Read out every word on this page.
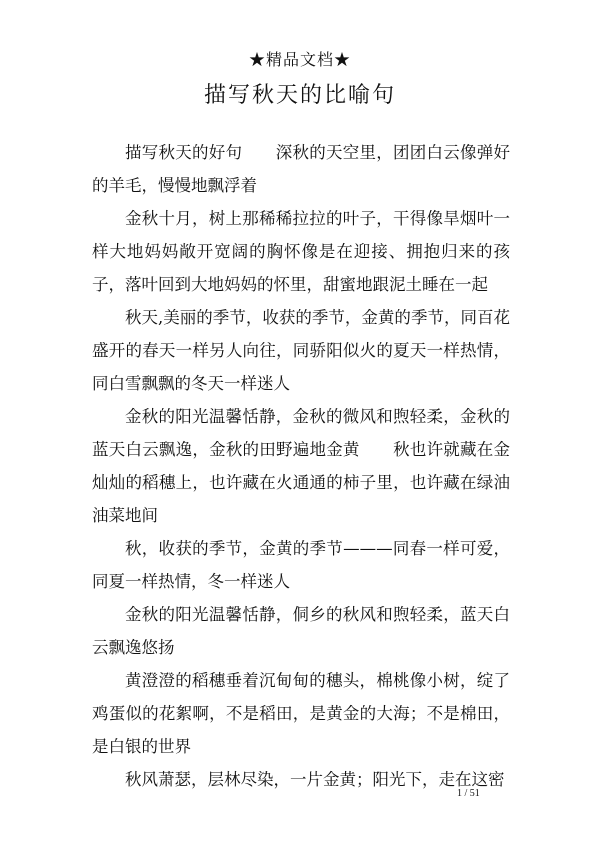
★精品文档★
描写秋天的比喻句

描写秋天的好句　　深秋的天空里，团团白云像弹好的羊毛，慢慢地飘浮着

金秋十月，树上那稀稀拉拉的叶子，干得像旱烟叶一样大地妈妈敞开宽阔的胸怀像是在迎接、拥抱归来的孩子，落叶回到大地妈妈的怀里，甜蜜地跟泥土睡在一起

秋天,美丽的季节，收获的季节，金黄的季节，同百花盛开的春天一样另人向往，同骄阳似火的夏天一样热情，同白雪飘飘的冬天一样迷人

金秋的阳光温馨恬静，金秋的微风和煦轻柔，金秋的蓝天白云飘逸，金秋的田野遍地金黄　　秋也许就藏在金灿灿的稻穗上，也许藏在火通通的柿子里，也许藏在绿油油菜地间

秋，收获的季节，金黄的季节———同春一样可爱，同夏一样热情，冬一样迷人

金秋的阳光温馨恬静，侗乡的秋风和煦轻柔，蓝天白云飘逸悠扬

黄澄澄的稻穗垂着沉甸甸的穗头，棉桃像小树，绽了鸡蛋似的花絮啊，不是稻田，是黄金的大海；不是棉田，是白银的世界

秋风萧瑟，层林尽染，一片金黄；阳光下，走在这密

1 / 51
